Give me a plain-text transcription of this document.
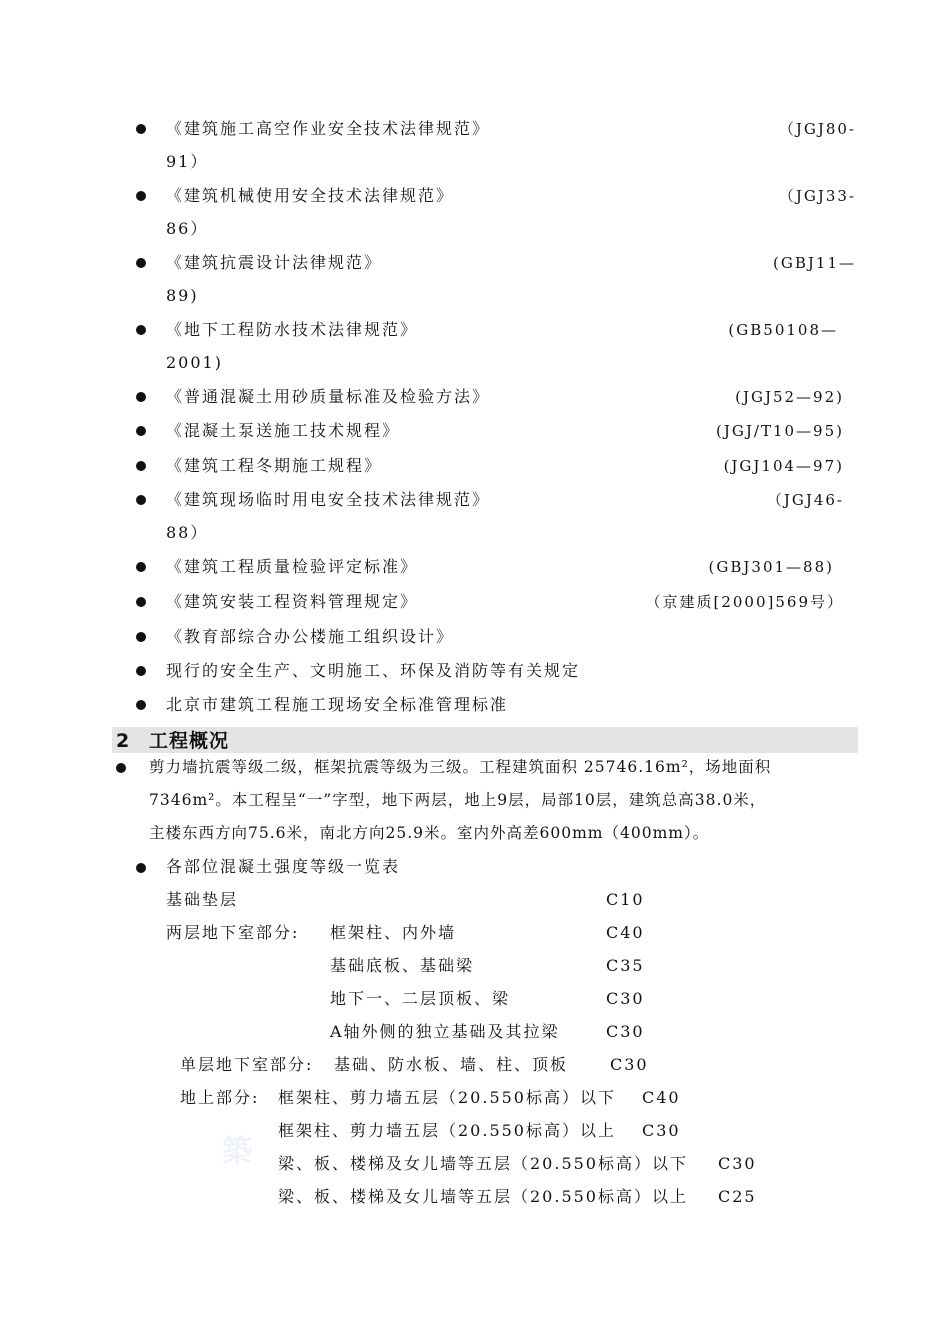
《建筑施工高空作业安全技术法律规范》	（JGJ80-
91）
《建筑机械使用安全技术法律规范》	（JGJ33-
86）
《建筑抗震设计法律规范》	(GBJ11—
89)
《地下工程防水技术法律规范》	(GB50108—
2001)
《普通混凝土用砂质量标准及检验方法》	(JGJ52—92)
《混凝土泵送施工技术规程》	(JGJ/T10—95)
《建筑工程冬期施工规程》	(JGJ104—97)
《建筑现场临时用电安全技术法律规范》	（JGJ46-
88）
《建筑工程质量检验评定标准》	(GBJ301—88)
《建筑安装工程资料管理规定》	（京建质[2000]569号）
《教育部综合办公楼施工组织设计》
现行的安全生产、文明施工、环保及消防等有关规定
北京市建筑工程施工现场安全标准管理标准
2 工程概况
剪力墙抗震等级二级，框架抗震等级为三级。工程建筑面积 25746.16m²，场地面积
7346m²。本工程呈“一”字型，地下两层，地上9层，局部10层，建筑总高38.0米，
主楼东西方向75.6米，南北方向25.9米。室内外高差600mm（400mm）。
各部位混凝土强度等级一览表
基础垫层	C10
两层地下室部分: 框架柱、内外墙	C40
基础底板、基础梁	C35
地下一、二层顶板、梁	C30
A轴外侧的独立基础及其拉梁	C30
单层地下室部分: 基础、防水板、墙、柱、顶板	C30
地上部分: 框架柱、剪力墙五层（20.550标高）以下 C40
框架柱、剪力墙五层（20.550标高）以上 C30
梁、板、楼梯及女儿墙等五层（20.550标高）以下 C30
梁、板、楼梯及女儿墙等五层（20.550标高）以上 C25
築
